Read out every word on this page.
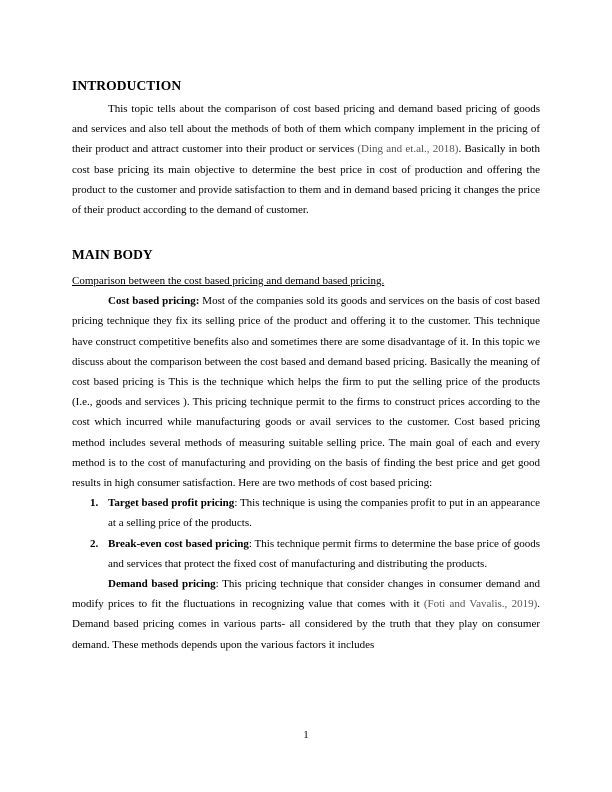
INTRODUCTION

This topic tells about the comparison of cost based pricing and demand based pricing of goods and services and also tell about the methods of both of them which company implement in the pricing of their product and attract customer into their product or services (Ding and et.al., 2018). Basically in both cost base pricing its main objective to determine the best price in cost of production and offering the product to the customer and provide satisfaction to them and in demand based pricing it changes the price of their product according to the demand of customer.

MAIN BODY
Comparison between the cost based pricing and demand based pricing.

Cost based pricing: Most of the companies sold its goods and services on the basis of cost based pricing technique they fix its selling price of the product and offering it to the customer. This technique have construct competitive benefits also and sometimes there are some disadvantage of it. In this topic we discuss about the comparison between the cost based and demand based pricing. Basically the meaning of cost based pricing is This is the technique which helps the firm to put the selling price of the products (I.e., goods and services ). This pricing technique permit to the firms to construct prices according to the cost which incurred while manufacturing goods or avail services to the customer. Cost based pricing method includes several methods of measuring suitable selling price. The main goal of each and every method is to the cost of manufacturing and providing on the basis of finding the best price and get good results in high consumer satisfaction. Here are two methods of cost based pricing:

1. Target based profit pricing: This technique is using the companies profit to put in an appearance at a selling price of the products.
2. Break-even cost based pricing: This technique permit firms to determine the base price of goods and services that protect the fixed cost of manufacturing and distributing the products.

Demand based pricing: This pricing technique that consider changes in consumer demand and modify prices to fit the fluctuations in recognizing value that comes with it (Foti and Vavalis., 2019). Demand based pricing comes in various parts- all considered by the truth that they play on consumer demand. These methods depends upon the various factors it includes

1
